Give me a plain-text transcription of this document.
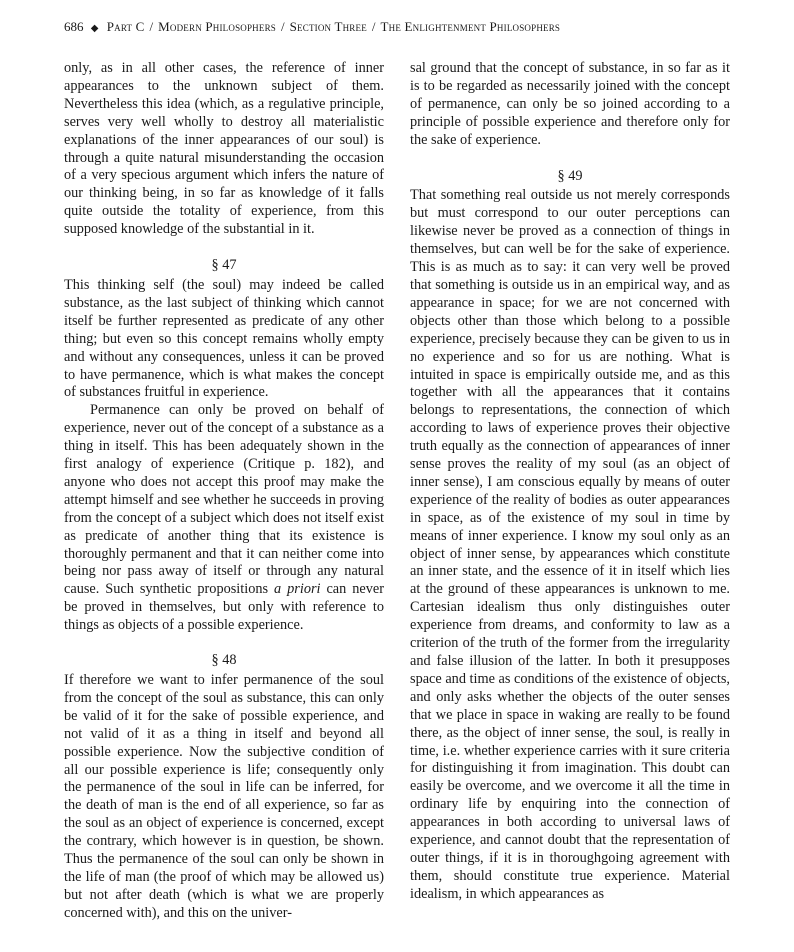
686 ◆ Part C / Modern Philosophers / Section Three / The Enlightenment Philosophers

only, as in all other cases, the reference of inner appearances to the unknown subject of them. Nevertheless this idea (which, as a regulative principle, serves very well wholly to destroy all materialistic explanations of the inner appearances of our soul) is through a quite natural misunderstanding the occasion of a very specious argument which infers the nature of our thinking being, in so far as knowledge of it falls quite outside the totality of experience, from this supposed knowledge of the substantial in it.

§ 47

This thinking self (the soul) may indeed be called substance, as the last subject of thinking which cannot itself be further represented as predicate of any other thing; but even so this concept remains wholly empty and without any consequences, unless it can be proved to have permanence, which is what makes the concept of substances fruitful in experience.

Permanence can only be proved on behalf of experience, never out of the concept of a substance as a thing in itself. This has been adequately shown in the first analogy of experience (Critique p. 182), and anyone who does not accept this proof may make the attempt himself and see whether he succeeds in proving from the concept of a subject which does not itself exist as predicate of another thing that its existence is thoroughly permanent and that it can neither come into being nor pass away of itself or through any natural cause. Such synthetic propositions a priori can never be proved in themselves, but only with reference to things as objects of a possible experience.

§ 48

If therefore we want to infer permanence of the soul from the concept of the soul as substance, this can only be valid of it for the sake of possible experience, and not valid of it as a thing in itself and beyond all possible experience. Now the subjective condition of all our possible experience is life; consequently only the permanence of the soul in life can be inferred, for the death of man is the end of all experience, so far as the soul as an object of experience is concerned, except the contrary, which however is in question, be shown. Thus the permanence of the soul can only be shown in the life of man (the proof of which may be allowed us) but not after death (which is what we are properly concerned with), and this on the univer-

sal ground that the concept of substance, in so far as it is to be regarded as necessarily joined with the concept of permanence, can only be so joined according to a principle of possible experience and therefore only for the sake of experience.

§ 49

That something real outside us not merely corresponds but must correspond to our outer perceptions can likewise never be proved as a connection of things in themselves, but can well be for the sake of experience. This is as much as to say: it can very well be proved that something is outside us in an empirical way, and as appearance in space; for we are not concerned with objects other than those which belong to a possible experience, precisely because they can be given to us in no experience and so for us are nothing. What is intuited in space is empirically outside me, and as this together with all the appearances that it contains belongs to representations, the connection of which according to laws of experience proves their objective truth equally as the connection of appearances of inner sense proves the reality of my soul (as an object of inner sense), I am conscious equally by means of outer experience of the reality of bodies as outer appearances in space, as of the existence of my soul in time by means of inner experience. I know my soul only as an object of inner sense, by appearances which constitute an inner state, and the essence of it in itself which lies at the ground of these appearances is unknown to me. Cartesian idealism thus only distinguishes outer experience from dreams, and conformity to law as a criterion of the truth of the former from the irregularity and false illusion of the latter. In both it presupposes space and time as conditions of the existence of objects, and only asks whether the objects of the outer senses that we place in space in waking are really to be found there, as the object of inner sense, the soul, is really in time, i.e. whether experience carries with it sure criteria for distinguishing it from imagination. This doubt can easily be overcome, and we overcome it all the time in ordinary life by enquiring into the connection of appearances in both according to universal laws of experience, and cannot doubt that the representation of outer things, if it is in thoroughgoing agreement with them, should constitute true experience. Material idealism, in which appearances as
